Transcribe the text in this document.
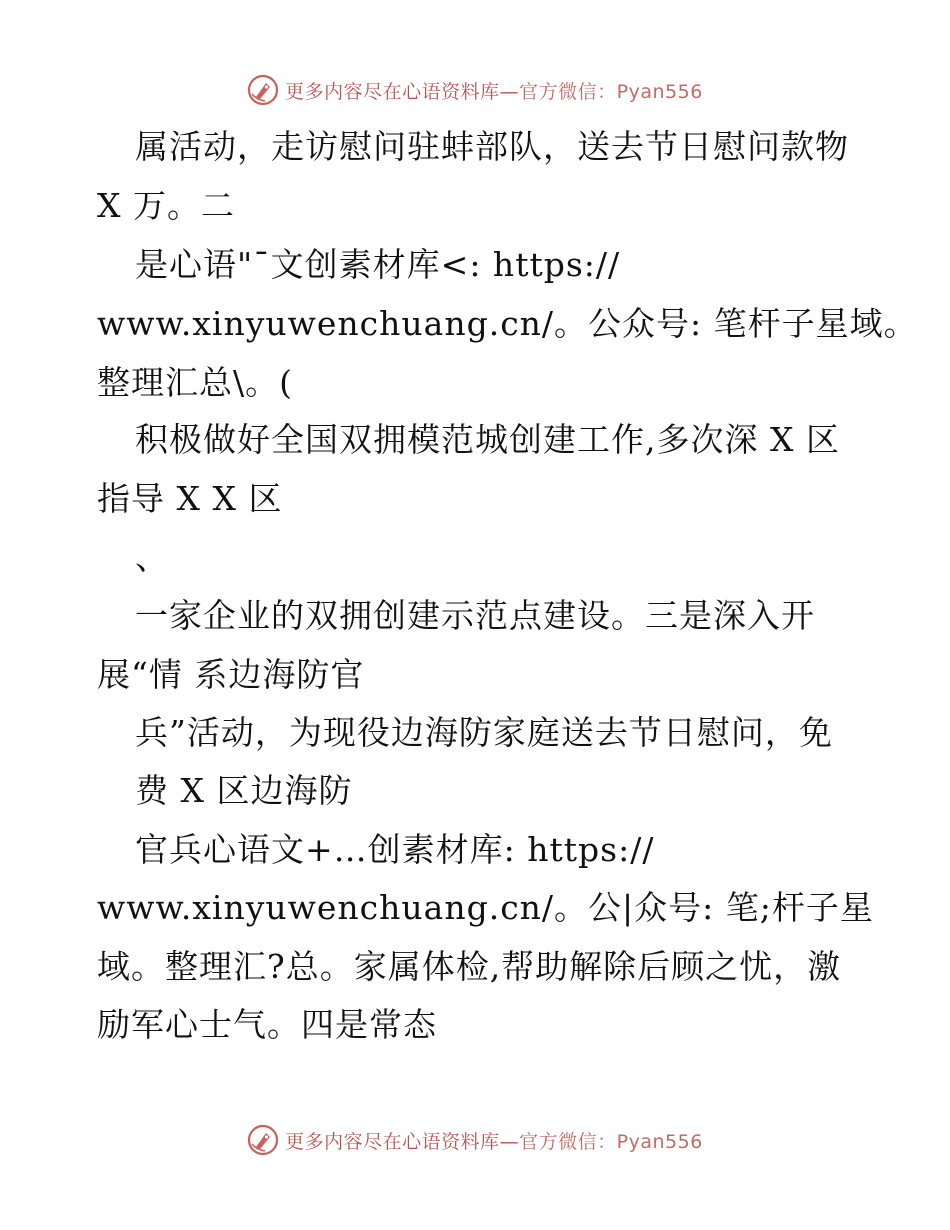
更多内容尽在心语资料库—官方微信：Pyan556
属活动，走访慰问驻蚌部队，送去节日慰问款物
X 万。二
是心语"¯文创素材库<: https://
www.xinyuwenchuang.cn/。公众号: 笔杆子星域。
整理汇总\。(
积极做好全国双拥模范城创建工作,多次深 X 区
指导 X X 区
、
一家企业的双拥创建示范点建设。三是深入开
展“情 系边海防官
兵”活动，为现役边海防家庭送去节日慰问，免
费 X 区边海防
官兵心语文+…创素材库: https://
www.xinyuwenchuang.cn/。公|众号: 笔;杆子星
域。整理汇?总。家属体检,帮助解除后顾之忧，激
励军心士气。四是常态
更多内容尽在心语资料库—官方微信：Pyan556
